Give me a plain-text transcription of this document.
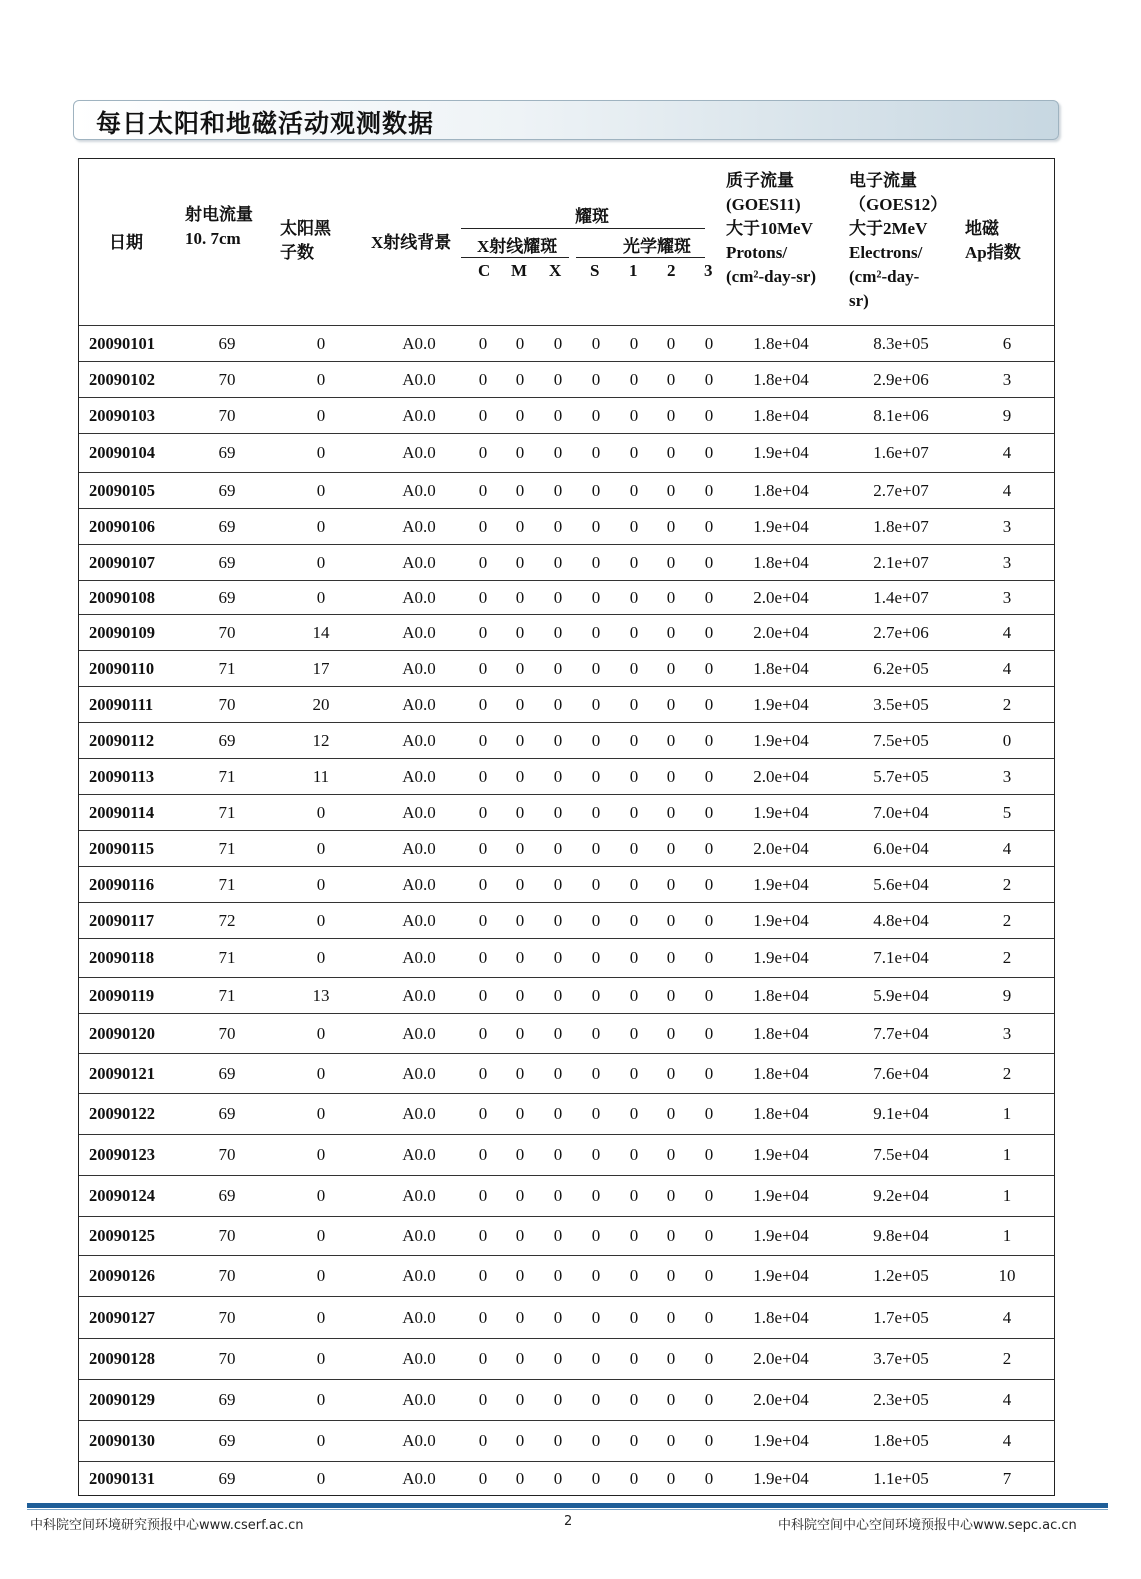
每日太阳和地磁活动观测数据
日期
射电流量
10. 7cm
太阳黑
子数
X射线背景
耀斑
X射线耀斑	光学耀斑
C M X S 1 2 3
质子流量
(GOES11)
大于10MeV
Protons/
(cm²-day-sr)
电子流量
（GOES12）
大于2MeV
Electrons/
(cm²-day-
sr)
地磁
Ap指数
20090101	69	0	A0.0	0 0 0 0 0 0 0 1.8e+04	8.3e+05	6
20090102	70	0	A0.0	0 0 0 0 0 0 0 1.8e+04	2.9e+06	3
20090103	70	0	A0.0	0 0 0 0 0 0 0 1.8e+04	8.1e+06	9
20090104	69	0	A0.0	0 0 0 0 0 0 0 1.9e+04	1.6e+07	4
20090105	69	0	A0.0	0 0 0 0 0 0 0 1.8e+04	2.7e+07	4
20090106	69	0	A0.0	0 0 0 0 0 0 0 1.9e+04	1.8e+07	3
20090107	69	0	A0.0	0 0 0 0 0 0 0 1.8e+04	2.1e+07	3
20090108	69	0	A0.0	0 0 0 0 0 0 0 2.0e+04	1.4e+07	3
20090109	70	14	A0.0	0 0 0 0 0 0 0 2.0e+04	2.7e+06	4
20090110	71	17	A0.0	0 0 0 0 0 0 0 1.8e+04	6.2e+05	4
20090111	70	20	A0.0	0 0 0 0 0 0 0 1.9e+04	3.5e+05	2
20090112	69	12	A0.0	0 0 0 0 0 0 0 1.9e+04	7.5e+05	0
20090113	71	11	A0.0	0 0 0 0 0 0 0 2.0e+04	5.7e+05	3
20090114	71	0	A0.0	0 0 0 0 0 0 0 1.9e+04	7.0e+04	5
20090115	71	0	A0.0	0 0 0 0 0 0 0 2.0e+04	6.0e+04	4
20090116	71	0	A0.0	0 0 0 0 0 0 0 1.9e+04	5.6e+04	2
20090117	72	0	A0.0	0 0 0 0 0 0 0 1.9e+04	4.8e+04	2
20090118	71	0	A0.0	0 0 0 0 0 0 0 1.9e+04	7.1e+04	2
20090119	71	13	A0.0	0 0 0 0 0 0 0 1.8e+04	5.9e+04	9
20090120	70	0	A0.0	0 0 0 0 0 0 0 1.8e+04	7.7e+04	3
20090121	69	0	A0.0	0 0 0 0 0 0 0 1.8e+04	7.6e+04	2
20090122	69	0	A0.0	0 0 0 0 0 0 0 1.8e+04	9.1e+04	1
20090123	70	0	A0.0	0 0 0 0 0 0 0 1.9e+04	7.5e+04	1
20090124	69	0	A0.0	0 0 0 0 0 0 0 1.9e+04	9.2e+04	1
20090125	70	0	A0.0	0 0 0 0 0 0 0 1.9e+04	9.8e+04	1
20090126	70	0	A0.0	0 0 0 0 0 0 0 1.9e+04	1.2e+05	10
20090127	70	0	A0.0	0 0 0 0 0 0 0 1.8e+04	1.7e+05	4
20090128	70	0	A0.0	0 0 0 0 0 0 0 2.0e+04	3.7e+05	2
20090129	69	0	A0.0	0 0 0 0 0 0 0 2.0e+04	2.3e+05	4
20090130	69	0	A0.0	0 0 0 0 0 0 0 1.9e+04	1.8e+05	4
20090131	69	0	A0.0	0 0 0 0 0 0 0 1.9e+04	1.1e+05	7
中科院空间环境研究预报中心www.cserf.ac.cn	2	中科院空间中心空间环境预报中心www.sepc.ac.cn
